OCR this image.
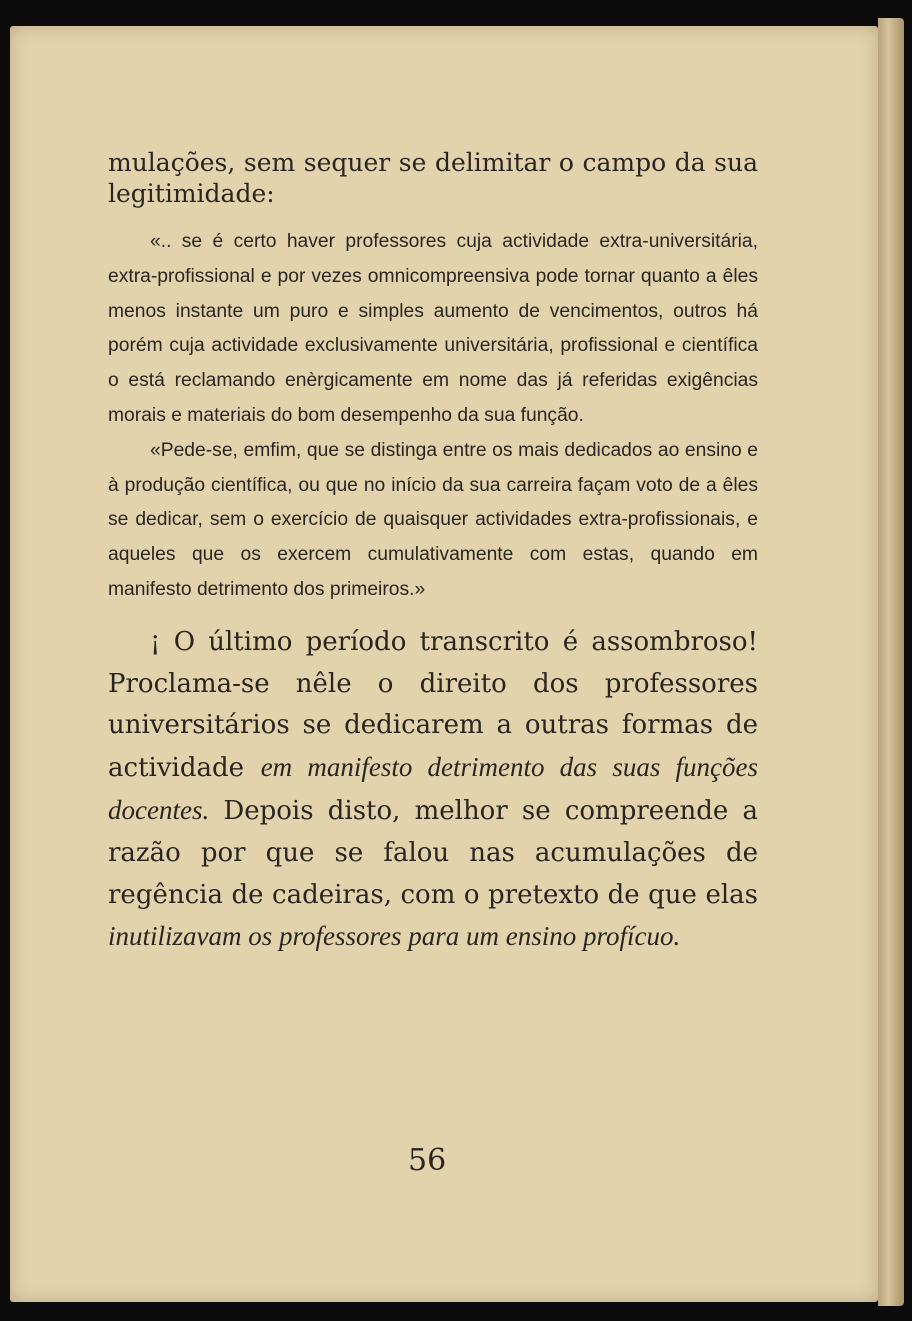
mulações, sem sequer se delimitar o campo da sua legitimidade:

«.. se é certo haver professores cuja actividade extra-universitária, extra-profissional e por vezes omnicompreensiva pode tornar quanto a êles menos instante um puro e simples aumento de vencimentos, outros há porém cuja actividade exclusivamente universitária, profissional e científica o está reclamando enèrgicamente em nome das já referidas exigências morais e materiais do bom desempenho da sua função.

«Pede-se, emfim, que se distinga entre os mais dedicados ao ensino e à produção científica, ou que no início da sua carreira façam voto de a êles se dedicar, sem o exercício de quaisquer actividades extra-profissionais, e aqueles que os exercem cumulativamente com estas, quando em manifesto detrimento dos primeiros.»

¡ O último período transcrito é assombroso! Proclama-se nêle o direito dos professores universitários se dedicarem a outras formas de actividade em manifesto detrimento das suas funções docentes. Depois disto, melhor se compreende a razão por que se falou nas acumulações de regência de cadeiras, com o pretexto de que elas inutilizavam os professores para um ensino profícuo.

56
